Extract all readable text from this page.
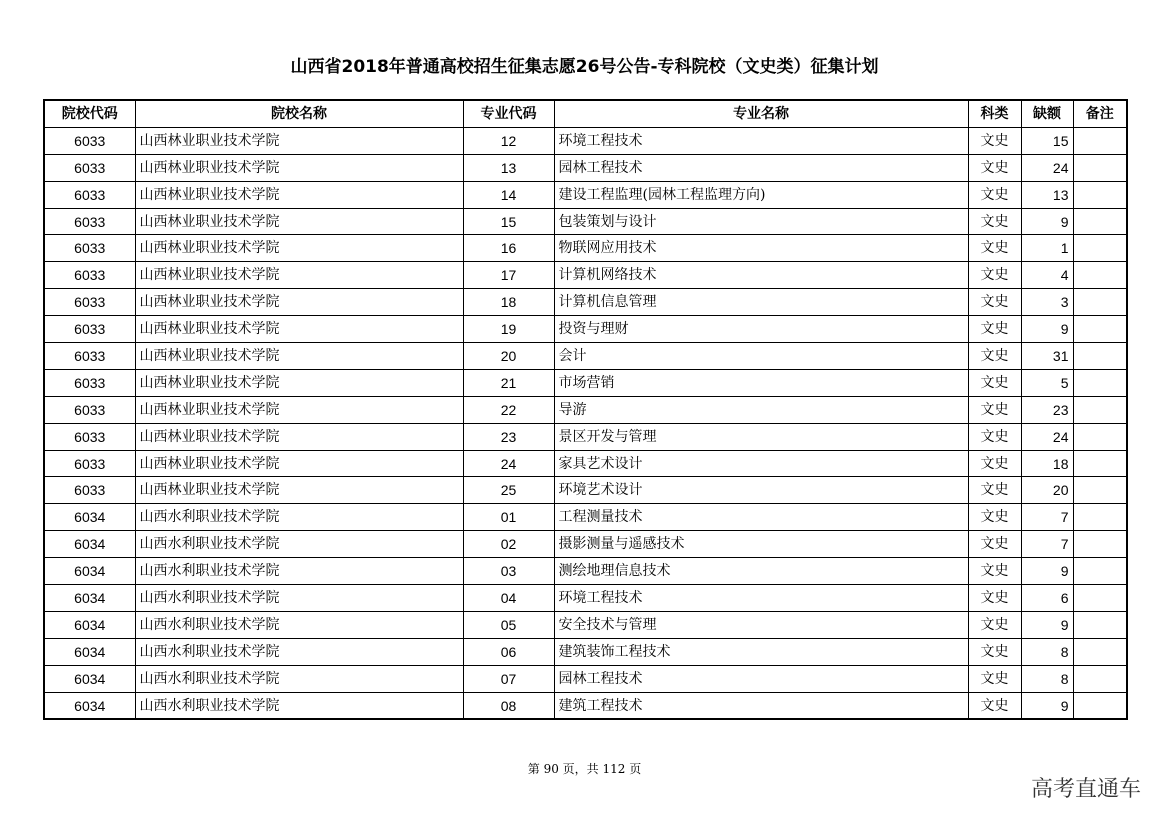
山西省2018年普通高校招生征集志愿26号公告-专科院校（文史类）征集计划
院校代码	院校名称	专业代码	专业名称	科类	缺额	备注
6033	山西林业职业技术学院	12	环境工程技术	文史	15	
6033	山西林业职业技术学院	13	园林工程技术	文史	24	
6033	山西林业职业技术学院	14	建设工程监理(园林工程监理方向)	文史	13	
6033	山西林业职业技术学院	15	包装策划与设计	文史	9	
6033	山西林业职业技术学院	16	物联网应用技术	文史	1	
6033	山西林业职业技术学院	17	计算机网络技术	文史	4	
6033	山西林业职业技术学院	18	计算机信息管理	文史	3	
6033	山西林业职业技术学院	19	投资与理财	文史	9	
6033	山西林业职业技术学院	20	会计	文史	31	
6033	山西林业职业技术学院	21	市场营销	文史	5	
6033	山西林业职业技术学院	22	导游	文史	23	
6033	山西林业职业技术学院	23	景区开发与管理	文史	24	
6033	山西林业职业技术学院	24	家具艺术设计	文史	18	
6033	山西林业职业技术学院	25	环境艺术设计	文史	20	
6034	山西水利职业技术学院	01	工程测量技术	文史	7	
6034	山西水利职业技术学院	02	摄影测量与遥感技术	文史	7	
6034	山西水利职业技术学院	03	测绘地理信息技术	文史	9	
6034	山西水利职业技术学院	04	环境工程技术	文史	6	
6034	山西水利职业技术学院	05	安全技术与管理	文史	9	
6034	山西水利职业技术学院	06	建筑装饰工程技术	文史	8	
6034	山西水利职业技术学院	07	园林工程技术	文史	8	
6034	山西水利职业技术学院	08	建筑工程技术	文史	9	
第 90 页，共 112 页
高考直通车
